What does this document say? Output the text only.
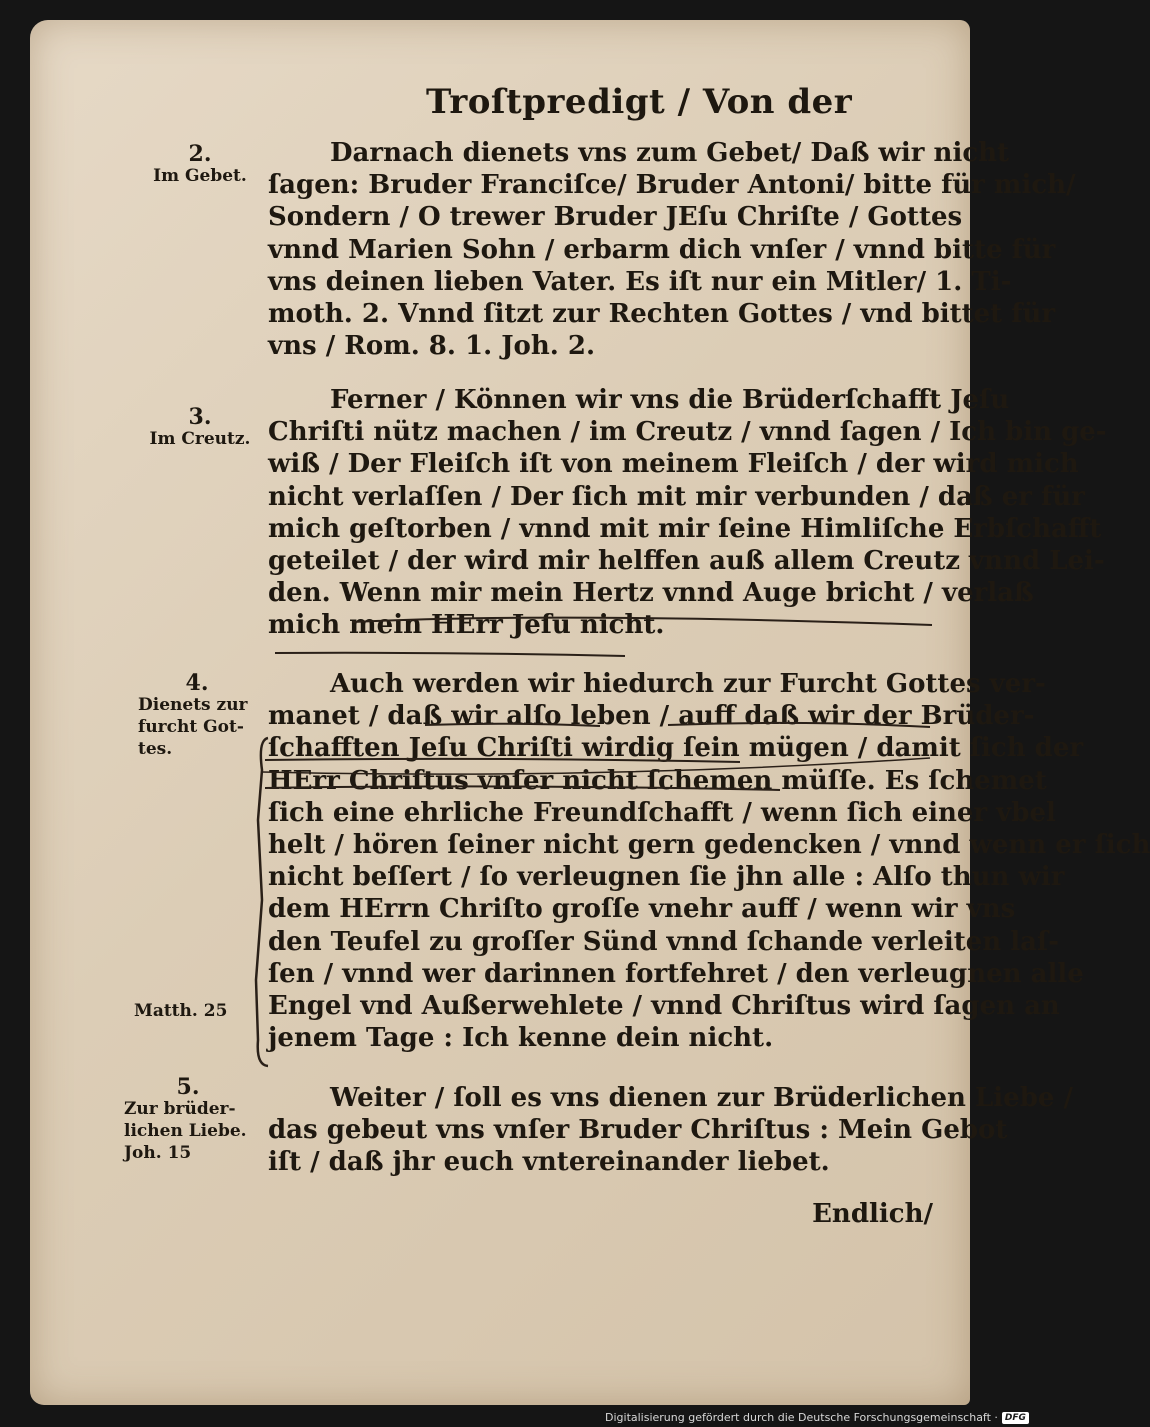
Troſtpredigt / Von der
Darnach dienets vns zum Gebet/ Daß wir nicht
ſagen: Bruder Franciſce/ Bruder Antoni/ bitte für mich/
Sondern / O trewer Bruder JEſu Chriſte / Gottes
vnnd Marien Sohn / erbarm dich vnſer / vnnd bitte für
vns deinen lieben Vater. Es iſt nur ein Mitler/ 1. Ti-
moth. 2. Vnnd ſitzt zur Rechten Gottes / vnd bittet für
vns / Rom. 8. 1. Joh. 2.
Ferner / Können wir vns die Brüderſchafft Jeſu
Chriſti nütz machen / im Creutz / vnnd ſagen / Ich bin ge-
wiß / Der Fleiſch iſt von meinem Fleiſch / der wird mich
nicht verlaſſen / Der ſich mit mir verbunden / daß er für
mich geſtorben / vnnd mit mir ſeine Himliſche Erbſchafft
geteilet / der wird mir helffen auß allem Creutz vnnd Lei-
den. Wenn mir mein Hertz vnnd Auge bricht / verlaß
mich mein HErr Jeſu nicht.
Auch werden wir hiedurch zur Furcht Gottes ver-
manet / daß wir alſo leben / auff daß wir der Brüder-
ſchafften Jeſu Chriſti wirdig ſein mügen / damit ſich der
HErr Chriſtus vnſer nicht ſchemen müſſe. Es ſchemet
ſich eine ehrliche Freundſchafft / wenn ſich einer vbel
helt / hören ſeiner nicht gern gedencken / vnnd wenn er ſich
nicht beſſert / ſo verleugnen ſie jhn alle : Alſo thun wir
dem HErrn Chriſto groſſe vnehr auff / wenn wir vns
den Teufel zu groſſer Sünd vnnd ſchande verleiten laſ-
ſen / vnnd wer darinnen fortfehret / den verleugnen alle
Engel vnd Außerwehlete / vnnd Chriſtus wird ſagen an
jenem Tage : Ich kenne dein nicht.
Weiter / ſoll es vns dienen zur Brüderlichen Liebe /
das gebeut vns vnſer Bruder Chriſtus : Mein Gebot
iſt / daß jhr euch vntereinander liebet.
Endlich/
2.
Im Gebet.
3.
Im Creutz.
4.
Dienets zur furcht Got- tes.
Matth. 25
5.
Zur brüder- lichen Liebe. Joh. 15
Digitalisierung gefördert durch die Deutsche Forschungsgemeinschaft · DFG
